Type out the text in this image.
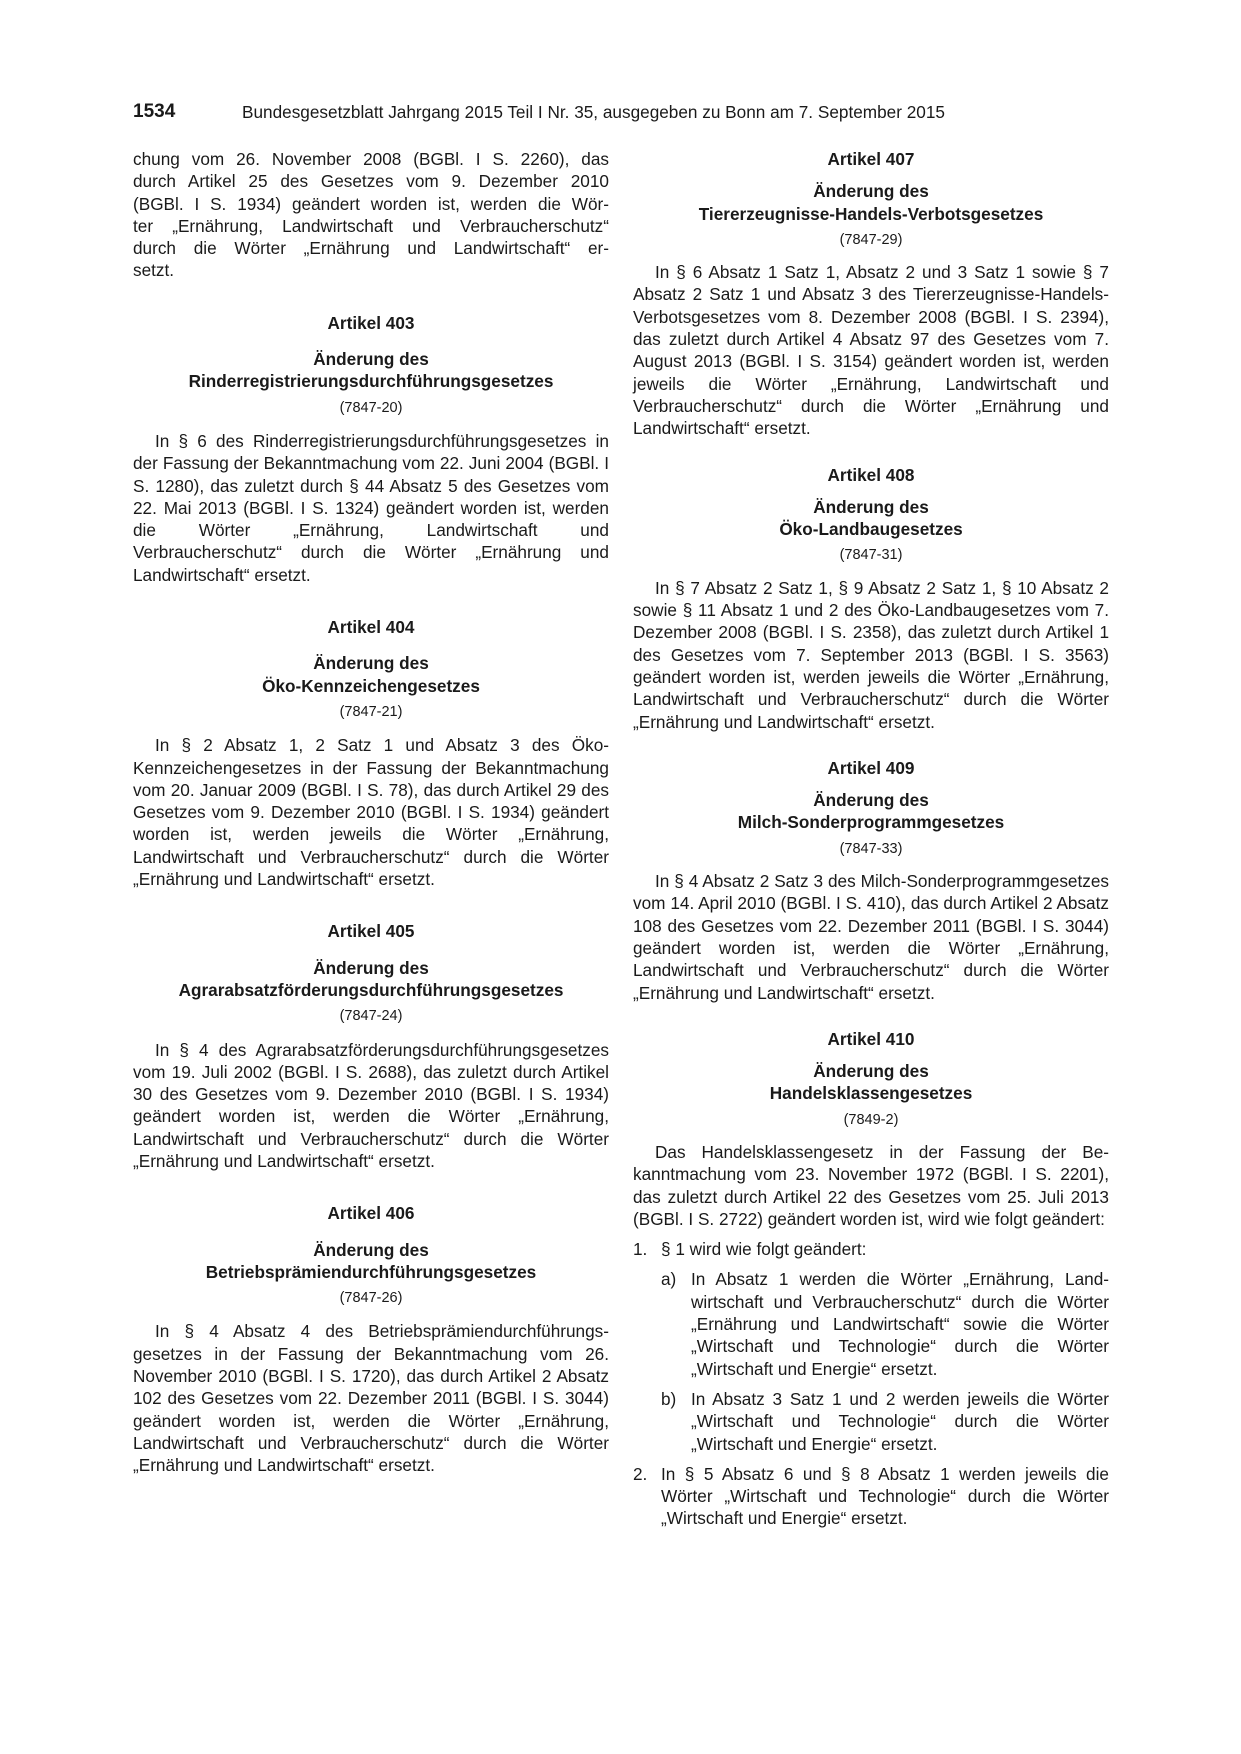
1534	Bundesgesetzblatt Jahrgang 2015 Teil I Nr. 35, ausgegeben zu Bonn am 7. September 2015
chung vom 26. November 2008 (BGBl. I S. 2260), das
durch Artikel 25 des Gesetzes vom 9. Dezember 2010
(BGBl. I S. 1934) geändert worden ist, werden die Wör-
ter „Ernährung, Landwirtschaft und Verbraucherschutz“
durch die Wörter „Ernährung und Landwirtschaft“ er-
setzt.
Artikel 403
Änderung des
Rinderregistrierungsdurchführungsgesetzes
(7847-20)
In § 6 des Rinderregistrierungsdurchführungsgesetzes in der Fassung der Bekanntmachung vom 22. Juni 2004 (BGBl. I S. 1280), das zuletzt durch § 44 Absatz 5 des Gesetzes vom 22. Mai 2013 (BGBl. I S. 1324) geändert worden ist, werden die Wörter „Ernährung, Landwirtschaft und Verbraucherschutz“ durch die Wörter „Ernährung und Landwirtschaft“ ersetzt.
Artikel 404
Änderung des
Öko-Kennzeichengesetzes
(7847-21)
In § 2 Absatz 1, 2 Satz 1 und Absatz 3 des Öko-Kennzeichengesetzes in der Fassung der Bekanntmachung vom 20. Januar 2009 (BGBl. I S. 78), das durch Artikel 29 des Gesetzes vom 9. Dezember 2010 (BGBl. I S. 1934) geändert worden ist, werden jeweils die Wörter „Ernährung, Landwirtschaft und Verbraucherschutz“ durch die Wörter „Ernährung und Landwirtschaft“ ersetzt.
Artikel 405
Änderung des
Agrarabsatzförderungsdurchführungsgesetzes
(7847-24)
In § 4 des Agrarabsatzförderungsdurchführungsgesetzes vom 19. Juli 2002 (BGBl. I S. 2688), das zuletzt durch Artikel 30 des Gesetzes vom 9. Dezember 2010 (BGBl. I S. 1934) geändert worden ist, werden die Wörter „Ernährung, Landwirtschaft und Verbraucherschutz“ durch die Wörter „Ernährung und Landwirtschaft“ ersetzt.
Artikel 406
Änderung des
Betriebsprämiendurchführungsgesetzes
(7847-26)
In § 4 Absatz 4 des Betriebsprämiendurchführungsgesetzes in der Fassung der Bekanntmachung vom 26. November 2010 (BGBl. I S. 1720), das durch Artikel 2 Absatz 102 des Gesetzes vom 22. Dezember 2011 (BGBl. I S. 3044) geändert worden ist, werden die Wörter „Ernährung, Landwirtschaft und Verbraucherschutz“ durch die Wörter „Ernährung und Landwirtschaft“ ersetzt.
Artikel 407
Änderung des
Tiererzeugnisse-Handels-Verbotsgesetzes
(7847-29)
In § 6 Absatz 1 Satz 1, Absatz 2 und 3 Satz 1 sowie § 7 Absatz 2 Satz 1 und Absatz 3 des Tiererzeugnisse-Handels-Verbotsgesetzes vom 8. Dezember 2008 (BGBl. I S. 2394), das zuletzt durch Artikel 4 Absatz 97 des Gesetzes vom 7. August 2013 (BGBl. I S. 3154) geändert worden ist, werden jeweils die Wörter „Ernährung, Landwirtschaft und Verbraucherschutz“ durch die Wörter „Ernährung und Landwirtschaft“ ersetzt.
Artikel 408
Änderung des
Öko-Landbaugesetzes
(7847-31)
In § 7 Absatz 2 Satz 1, § 9 Absatz 2 Satz 1, § 10 Absatz 2 sowie § 11 Absatz 1 und 2 des Öko-Landbaugesetzes vom 7. Dezember 2008 (BGBl. I S. 2358), das zuletzt durch Artikel 1 des Gesetzes vom 7. September 2013 (BGBl. I S. 3563) geändert worden ist, werden jeweils die Wörter „Ernährung, Landwirtschaft und Verbraucherschutz“ durch die Wörter „Ernährung und Landwirtschaft“ ersetzt.
Artikel 409
Änderung des
Milch-Sonderprogrammgesetzes
(7847-33)
In § 4 Absatz 2 Satz 3 des Milch-Sonderprogrammgesetzes vom 14. April 2010 (BGBl. I S. 410), das durch Artikel 2 Absatz 108 des Gesetzes vom 22. Dezember 2011 (BGBl. I S. 3044) geändert worden ist, werden die Wörter „Ernährung, Landwirtschaft und Verbraucherschutz“ durch die Wörter „Ernährung und Landwirtschaft“ ersetzt.
Artikel 410
Änderung des
Handelsklassengesetzes
(7849-2)
Das Handelsklassengesetz in der Fassung der Bekanntmachung vom 23. November 1972 (BGBl. I S. 2201), das zuletzt durch Artikel 22 des Gesetzes vom 25. Juli 2013 (BGBl. I S. 2722) geändert worden ist, wird wie folgt geändert:
1. § 1 wird wie folgt geändert:
a) In Absatz 1 werden die Wörter „Ernährung, Landwirtschaft und Verbraucherschutz“ durch die Wörter „Ernährung und Landwirtschaft“ sowie die Wörter „Wirtschaft und Technologie“ durch die Wörter „Wirtschaft und Energie“ ersetzt.
b) In Absatz 3 Satz 1 und 2 werden jeweils die Wörter „Wirtschaft und Technologie“ durch die Wörter „Wirtschaft und Energie“ ersetzt.
2. In § 5 Absatz 6 und § 8 Absatz 1 werden jeweils die Wörter „Wirtschaft und Technologie“ durch die Wörter „Wirtschaft und Energie“ ersetzt.
